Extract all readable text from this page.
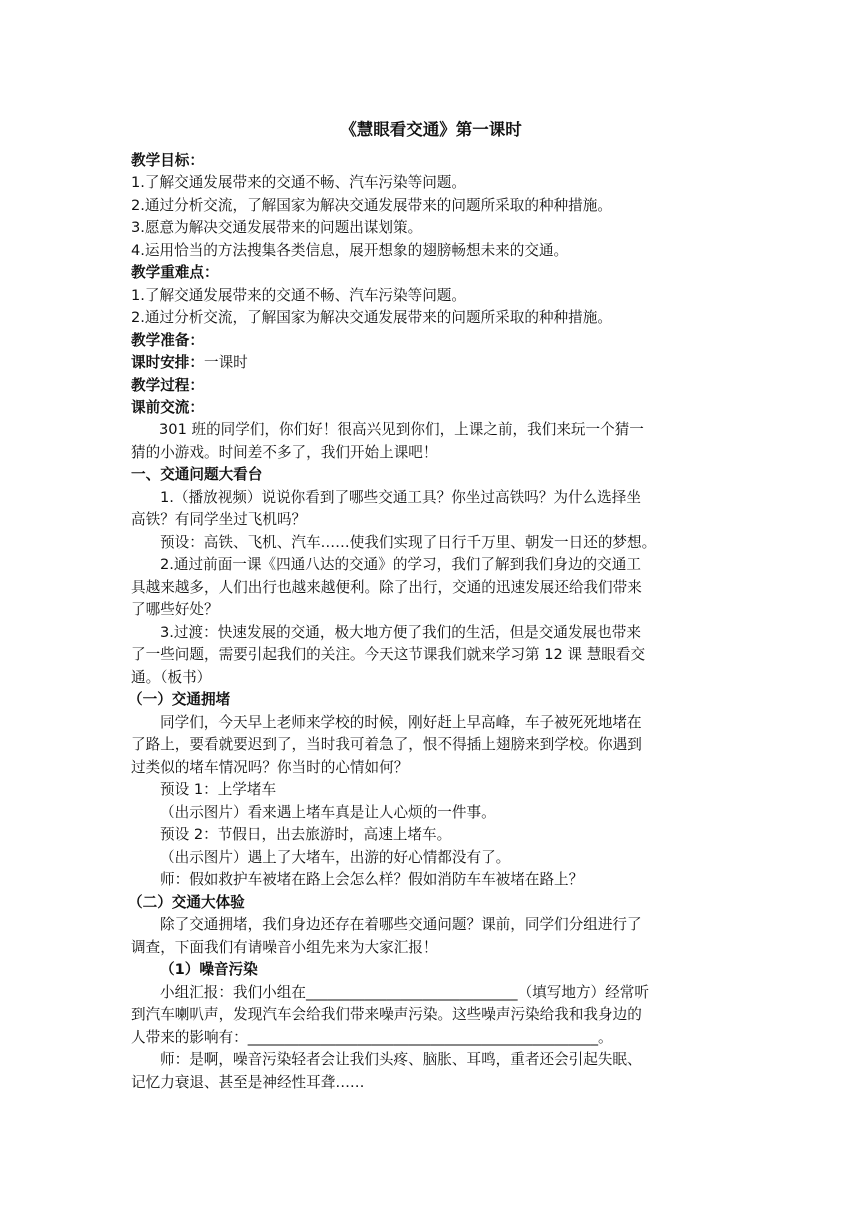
《慧眼看交通》第一课时
教学目标：
1.了解交通发展带来的交通不畅、汽车污染等问题。
2.通过分析交流，了解国家为解决交通发展带来的问题所采取的种种措施。
3.愿意为解决交通发展带来的问题出谋划策。
4.运用恰当的方法搜集各类信息，展开想象的翅膀畅想未来的交通。
教学重难点：
1.了解交通发展带来的交通不畅、汽车污染等问题。
2.通过分析交流，了解国家为解决交通发展带来的问题所采取的种种措施。
教学准备：
课时安排：一课时
教学过程：
课前交流：
301 班的同学们，你们好！很高兴见到你们，上课之前，我们来玩一个猜一
猜的小游戏。时间差不多了，我们开始上课吧！
一、交通问题大看台
1.（播放视频）说说你看到了哪些交通工具？你坐过高铁吗？为什么选择坐
高铁？有同学坐过飞机吗？
预设：高铁、飞机、汽车……使我们实现了日行千万里、朝发一日还的梦想。
2.通过前面一课《四通八达的交通》的学习，我们了解到我们身边的交通工
具越来越多，人们出行也越来越便利。除了出行，交通的迅速发展还给我们带来
了哪些好处？
3.过渡：快速发展的交通，极大地方便了我们的生活，但是交通发展也带来
了一些问题，需要引起我们的关注。今天这节课我们就来学习第 12 课 慧眼看交
通。（板书）
（一）交通拥堵
同学们，今天早上老师来学校的时候，刚好赶上早高峰，车子被死死地堵在
了路上，要看就要迟到了，当时我可着急了，恨不得插上翅膀来到学校。你遇到
过类似的堵车情况吗？你当时的心情如何？
预设 1：上学堵车
（出示图片）看来遇上堵车真是让人心烦的一件事。
预设 2：节假日，出去旅游时，高速上堵车。
（出示图片）遇上了大堵车，出游的好心情都没有了。
师：假如救护车被堵在路上会怎么样？假如消防车车被堵在路上？
（二）交通大体验
除了交通拥堵，我们身边还存在着哪些交通问题？课前，同学们分组进行了
调查，下面我们有请噪音小组先来为大家汇报！
（1）噪音污染
小组汇报：我们小组在_____________________________（填写地方）经常听
到汽车喇叭声，发现汽车会给我们带来噪声污染。这些噪声污染给我和我身边的
人带来的影响有：________________________________________________。
师：是啊，噪音污染轻者会让我们头疼、脑胀、耳鸣，重者还会引起失眠、
记忆力衰退、甚至是神经性耳聋……
